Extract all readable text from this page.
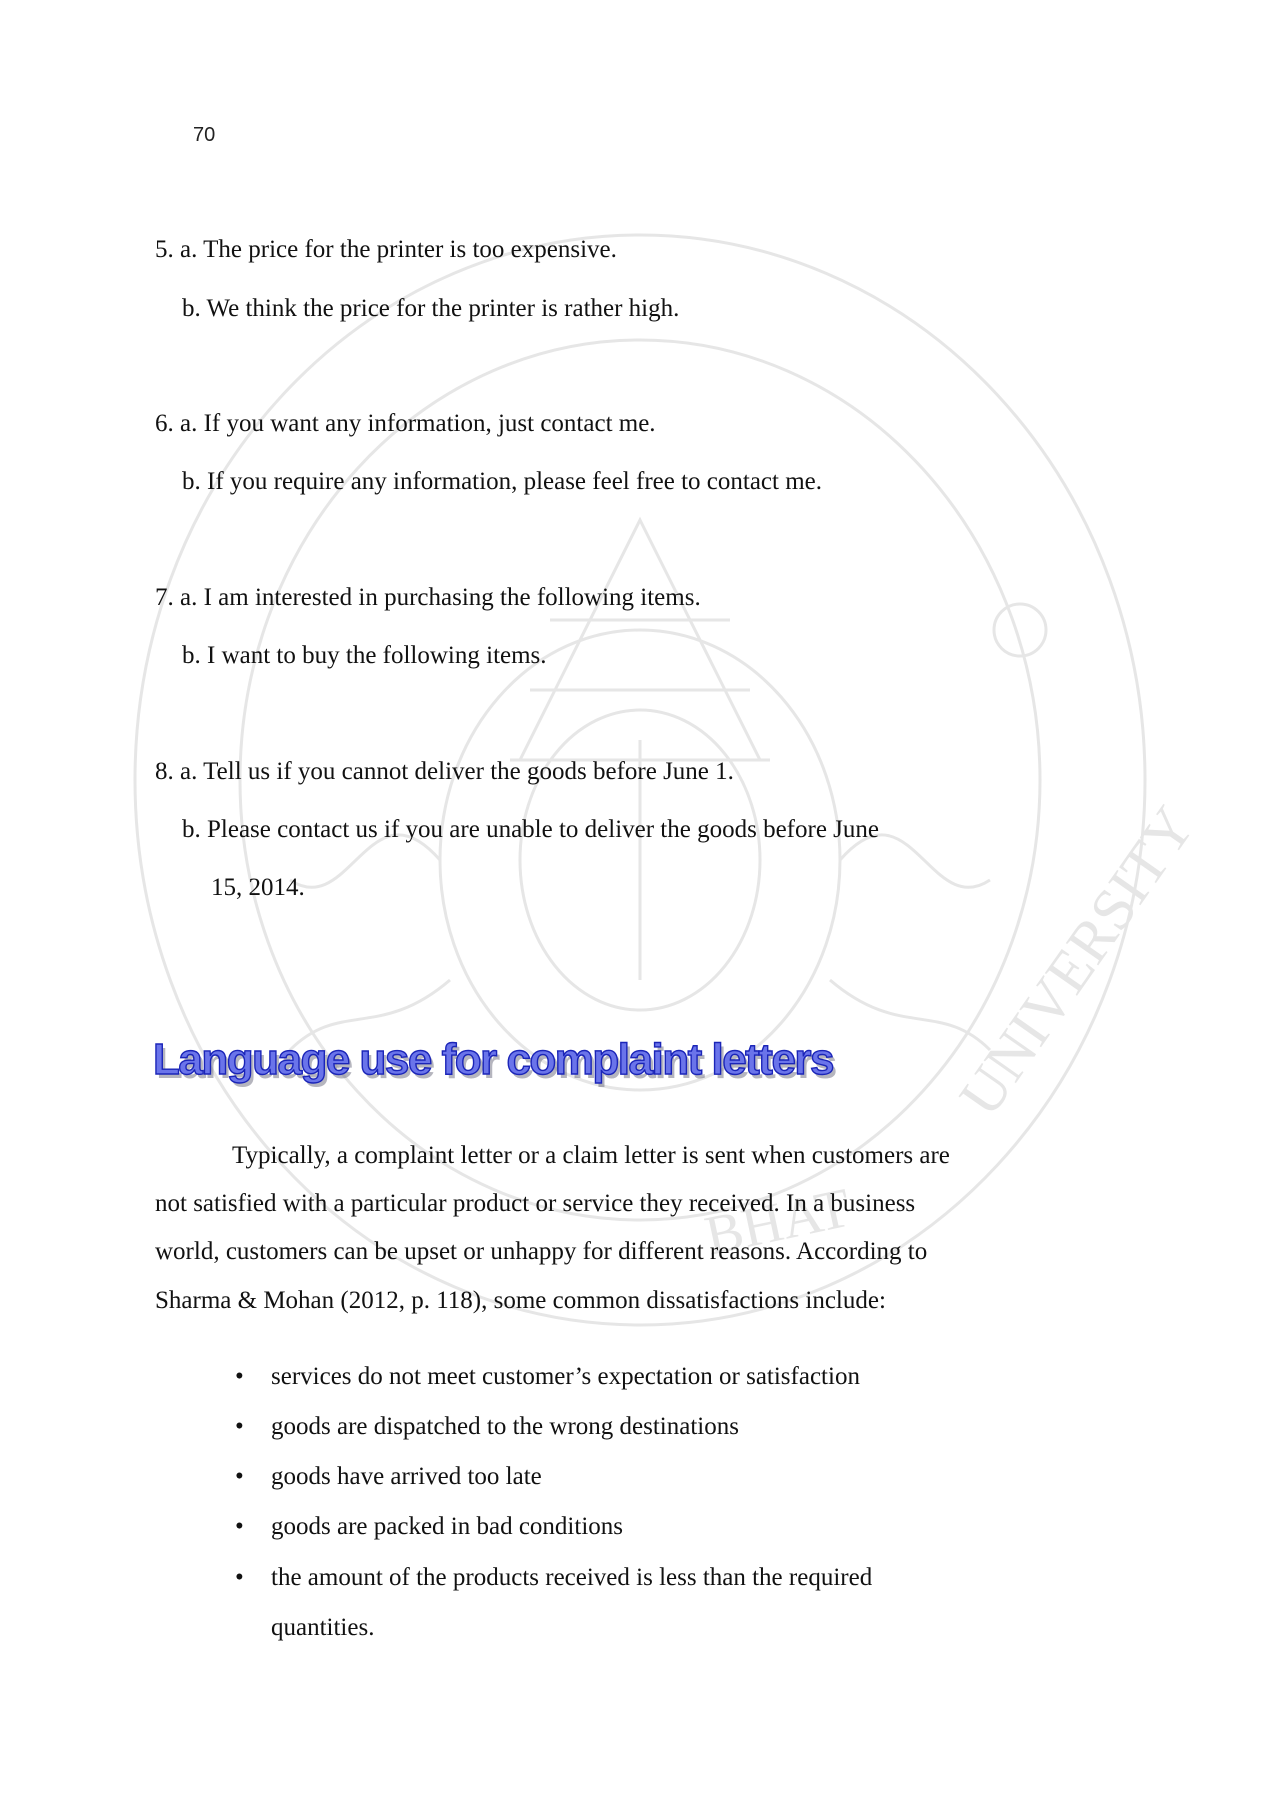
UNIVERSITY
BHAT
70
5. a. The price for the printer is too expensive.
b. We think the price for the printer is rather high.
6. a. If you want any information, just contact me.
b. If you require any information, please feel free to contact me.
7. a. I am interested in purchasing the following items.
b. I want to buy the following items.
8. a. Tell us if you cannot deliver the goods before June 1.
b. Please contact us if you are unable to deliver the goods before June
15, 2014.
Language use for complaint letters
Typically, a complaint letter or a claim letter is sent when customers are
not satisfied with a particular product or service they received. In a business
world, customers can be upset or unhappy for different reasons. According to
Sharma & Mohan (2012, p. 118), some common dissatisfactions include:
• services do not meet customer’s expectation or satisfaction
• goods are dispatched to the wrong destinations
• goods have arrived too late
• goods are packed in bad conditions
• the amount of the products received is less than the required
quantities.
